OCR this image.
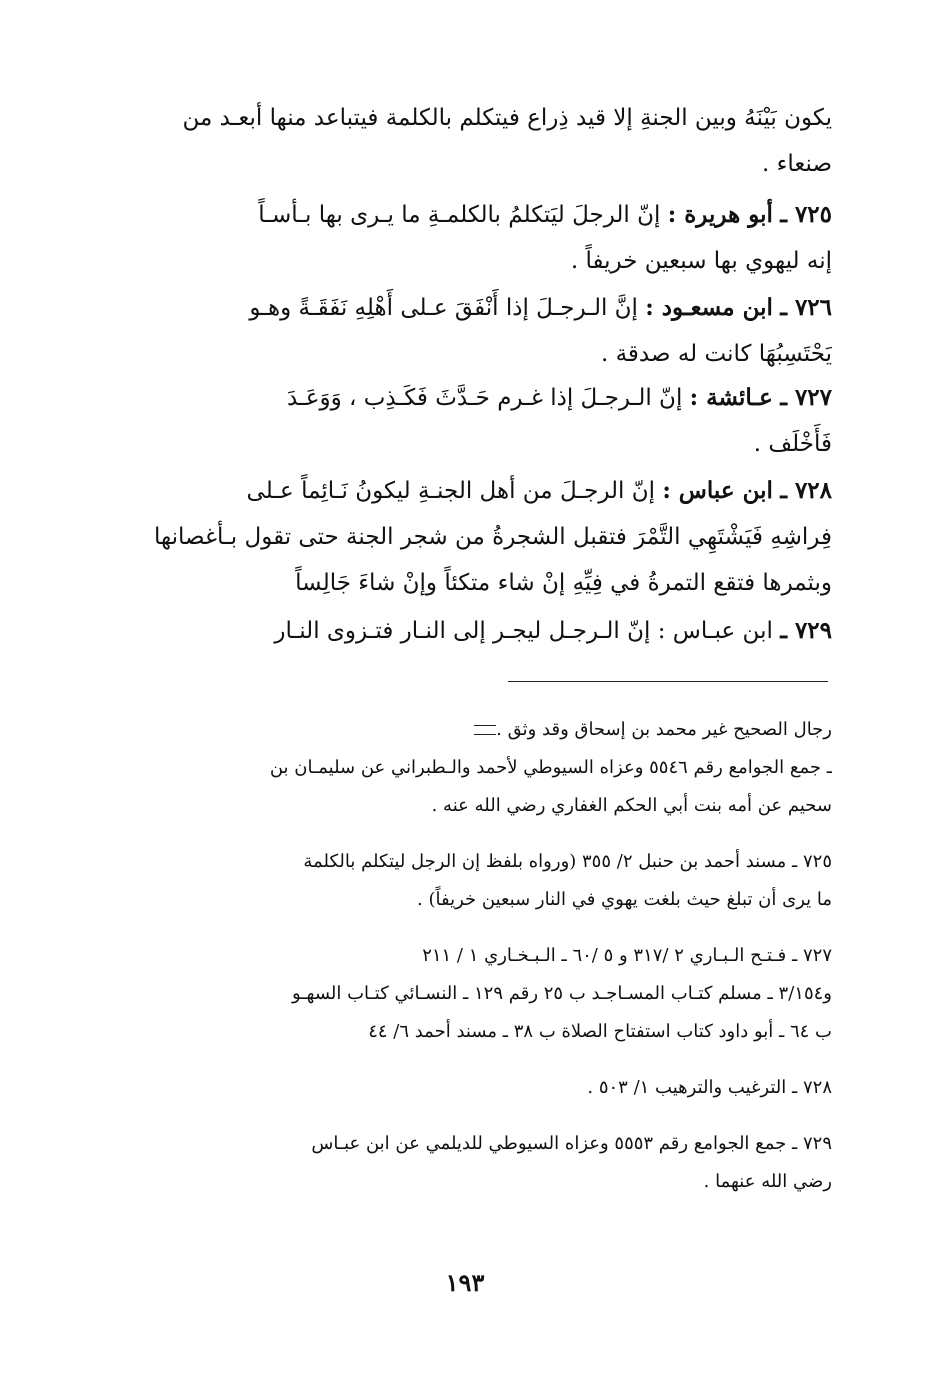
يكون بَيْنَهُ وبين الجنةِ إلا قيد ذِراع فيتكلم بالكلمة فيتباعد منها أبعـد من
صنعاء .
٧٢٥ ـ أبو هريرة : إنّ الرجلَ ليَتكلمُ بالكلمـةِ ما يـرى بها بـأسـاً
إنه ليهوي بها سبعين خريفاً .
٧٢٦ ـ ابن مسعـود : إنَّ الـرجـلَ إذا أَنْفَقَ عـلى أَهْلِهِ نَفَقَـةً وهـو
يَحْتَسِبُهَا كانت له صدقة .
٧٢٧ ـ عـائشة : إنّ الـرجـلَ إذا غـرم حَـدَّثَ فَكَـذِب ، وَوَعَـدَ
فَأَخْلَف .
٧٢٨ ـ ابن عباس : إنّ الرجـلَ من أهل الجنـةِ ليكونُ نَـائِماً عـلى
فِراشِهِ فَيَشْتَهِي التَّمْرَ فتقبل الشجرةُ من شجر الجنة حتى تقول بـأغصانها
وبثمرها فتقع التمرةُ في فِيِّهِ إنْ شاء متكئاً وإنْ شاءَ جَالِساً
٧٢٩ ـ ابن عبـاس : إنّ الـرجـل ليجـر إلى النـار فتـزوى النـار
رجال الصحيح غير محمد بن إسحاق وقد وثق .
ـ جمع الجوامع رقم ٥٥٤٦ وعزاه السيوطي لأحمد والـطبراني عن سليمـان بن
سحيم عن أمه بنت أبي الحكم الغفاري رضي الله عنه .
٧٢٥ ـ مسند أحمد بن حنبل ٢/ ٣٥٥ (ورواه بلفظ إن الرجل ليتكلم بالكلمة
ما يرى أن تبلغ حيث بلغت يهوي في النار سبعين خريفاً) .
٧٢٧ ـ فـتـح الـبـاري ٢ /٣١٧ و ٥ /٦٠ ـ الـبـخـاري ١ / ٢١١
و٣/١٥٤ ـ مسلم كتـاب المسـاجـد ب ٢٥ رقم ١٢٩ ـ النسـائي كتـاب السهـو
ب ٦٤ ـ أبو داود كتاب استفتاح الصلاة ب ٣٨ ـ مسند أحمد ٦/ ٤٤
٧٢٨ ـ الترغيب والترهيب ١/ ٥٠٣ .
٧٢٩ ـ جمع الجوامع رقم ٥٥٥٣ وعزاه السيوطي للديلمي عن ابن عبـاس
رضي الله عنهما .
١٩٣
